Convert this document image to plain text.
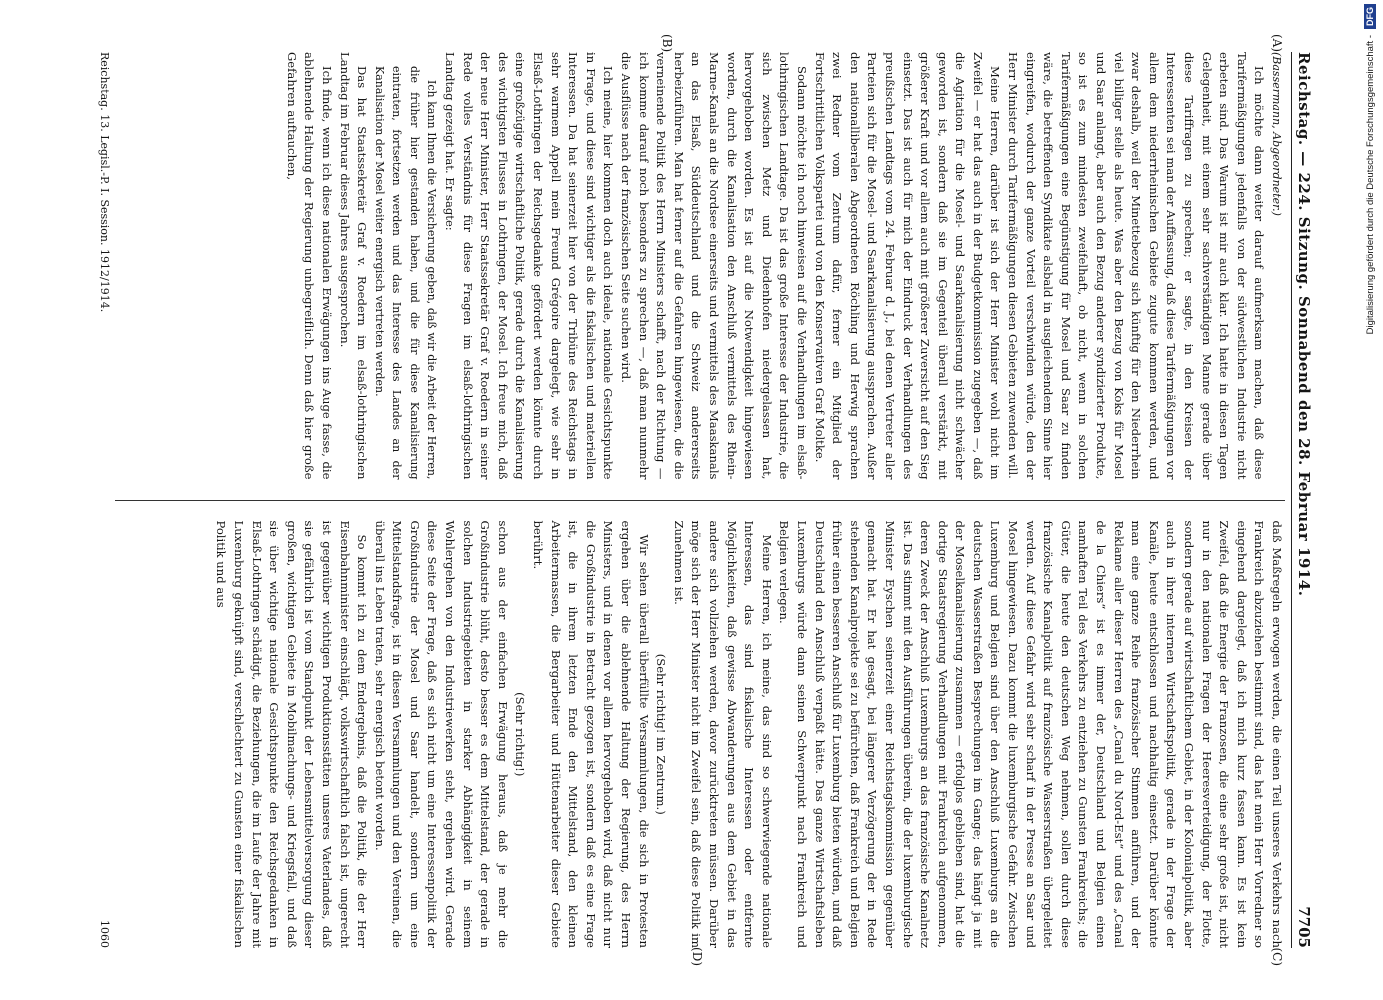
Reichstag. — 224. Sitzung. Sonnabend den 28. Februar 1914.
7705
(A)
(B)

(Bassermann, Abgeordneter.)

Ich möchte dann weiter darauf aufmerksam machen, daß diese Tarifermäßigungen jedenfalls von der südwestlichen Industrie nicht erbeten sind. Das Warum ist mir auch klar. Ich hatte in diesen Tagen Gelegenheit, mit einem sehr sachverständigen Manne gerade über diese Tariffragen zu sprechen; er sagte, in den Kreisen der Interessenten sei man der Auffassung, daß diese Tarifermäßigungen vor allem dem niederrheinischen Gebiete zugute kommen werden, und zwar deshalb, weil der Minettebezug sich künftig für den Niederrhein viel billiger stelle als heute. Was aber den Bezug von Koks für Mosel und Saar anlangt, aber auch den Bezug anderer syndizierter Produkte, so ist es zum mindesten zweifelhaft, ob nicht, wenn in solchen Tarifermäßigungen eine Begünstigung für Mosel und Saar zu finden wäre, die betreffenden Syndikate alsbald in ausgleichendem Sinne hier eingreifen, wodurch der ganze Vorteil verschwinden würde, den der Herr Minister durch Tarifermäßigungen diesen Gebieten zuwenden will.

Meine Herren, darüber ist sich der Herr Minister wohl nicht im Zweifel — er hat das auch in der Budgetkommission zugegeben —, daß die Agitation für die Mosel- und Saarkanalisierung nicht schwächer geworden ist, sondern daß sie im Gegenteil überall verstärkt, mit größerer Kraft und vor allem auch mit größerer Zuversicht auf den Sieg einsetzt. Das ist auch für mich der Eindruck der Verhandlungen des preußischen Landtags vom 24. Februar d. J., bei denen Vertreter aller Parteien sich für die Mosel- und Saarkanalisierung aussprachen. Außer den nationalliberalen Abgeordneten Röchling und Herwig sprachen zwei Redner vom Zentrum dafür, ferner ein Mitglied der Fortschrittlichen Volkspartei und von den Konservativen Graf Moltke.

Sodann möchte ich noch hinweisen auf die Verhandlungen im elsaß-lothringischen Landtage. Da ist das große Interesse der Industrie, die sich zwischen Metz und Diedenhofen niedergelassen hat, hervorgehoben worden. Es ist auf die Notwendigkeit hingewiesen worden, durch die Kanalisation den Anschluß vermittels des Rhein-Marne-Kanals an die Nordsee einerseits und vermittels des Maaskanals an das Elsaß, Süddeutschland und die Schweiz andererseits herbeizuführen. Man hat ferner auf die Gefahren hingewiesen, die die verneinende Politik des Herrn Ministers schafft, nach der Richtung — ich komme darauf noch besonders zu sprechen —, daß man nunmehr die Ausflüsse nach der französischen Seite suchen wird.

Ich meine, hier kommen doch auch ideale, nationale Gesichtspunkte in Frage, und diese sind wichtiger als die fiskalischen und materiellen Interessen. Da hat seinerzeit hier von der Tribüne des Reichstags in sehr warmem Appell mein Freund Grégoire dargelegt, wie sehr in Elsaß-Lothringen der Reichsgedanke gefördert werden könnte durch eine großzügige wirtschaftliche Politik, gerade durch die Kanalisierung des wichtigsten Flusses in Lothringen, der Mosel. Ich freue mich, daß der neue Herr Minister, Herr Staatssekretär Graf v. Roedern in seiner Rede volles Verständnis für diese Fragen im elsaß-lothringischen Landtag gezeigt hat. Er sagte:

Ich kann Ihnen die Versicherung geben, daß wir die Arbeit der Herren, die früher hier gestanden haben, und die für diese Kanalisierung eintraten, fortsetzen werden und das Interesse des Landes an der Kanalisation der Mosel weiter energisch vertreten werden.

Das hat Staatssekretär Graf v. Roedern im elsaß-lothringischen Landtag im Februar dieses Jahres ausgesprochen.

Ich finde, wenn ich diese nationalen Erwägungen ins Auge fasse, die ablehnende Haltung der Regierung unbegreiflich. Denn daß hier große Gefahren auftauchen,

(C)
(D)

daß Maßregeln erwogen werden, die einen Teil unseres Verkehrs nach Frankreich abzuziehen bestimmt sind, das hat mein Herr Vorredner so eingehend dargelegt, daß ich mich kurz fassen kann. Es ist kein Zweifel, daß die Energie der Franzosen, die eine sehr große ist, nicht nur in den nationalen Fragen der Heeresverteidigung, der Flotte, sondern gerade auf wirtschaftlichem Gebiet, in der Kolonialpolitik, aber auch in ihrer internen Wirtschaftspolitik, gerade in der Frage der Kanäle, heute entschlossen und nachhaltig einsetzt. Darüber könnte man eine ganze Reihe französischer Stimmen anführen, und der Reklame aller dieser Herren des „Canal du Nord-Est“ und des „Canal de la Chiers“ ist es immer der, Deutschland und Belgien einen namhaften Teil des Verkehrs zu entziehen zu Gunsten Frankreichs; die Güter, die heute den deutschen Weg nehmen, sollen durch diese französische Kanalpolitik auf französische Wasserstraßen übergeleitet werden. Auf diese Gefahr wird sehr scharf in der Presse an Saar und Mosel hingewiesen. Dazu kommt die luxemburgische Gefahr. Zwischen Luxemburg und Belgien sind über den Anschluß Luxemburgs an die deutschen Wasserstraßen Besprechungen im Gange; das hängt ja mit der Moselkanalisierung zusammen — erfolglos geblieben sind, hat die dortige Staatsregierung Verhandlungen mit Frankreich aufgenommen, deren Zweck der Anschluß Luxemburgs an das französische Kanalnetz ist. Das stimmt mit den Ausführungen überein, die der luxemburgische Minister Eyschen seinerzeit einer Reichstagskommission gegenüber gemacht hat. Er hat gesagt, bei längerer Verzögerung der in Rede stehenden Kanalprojekte sei zu befürchten, daß Frankreich und Belgien früher einen besseren Anschluß für Luxemburg bieten würden, und daß Deutschland den Anschluß verpaßt hätte. Das ganze Wirtschaftsleben Luxemburgs würde dann seinen Schwerpunkt nach Frankreich und Belgien verlegen.

Meine Herren, ich meine, das sind so schwerwiegende nationale Interessen, das sind fiskalische Interessen oder entfernte Möglichkeiten, daß gewisse Abwanderungen aus dem Gebiet in das andere sich vollziehen werden, davor zurücktreten müssen. Darüber möge sich der Herr Minister nicht im Zweifel sein, daß diese Politik im Zunehmen ist.

(Sehr richtig! im Zentrum.)

Wir sehen überall überfüllte Versammlungen, die sich in Protesten ergehen über die ablehnende Haltung der Regierung, des Herrn Ministers, und in denen vor allem hervorgehoben wird, daß nicht nur die Großindustrie in Betracht gezogen ist, sondern daß es eine Frage ist, die in ihrem letzten Ende den Mittelstand, den kleinen Arbeitermassen, die Bergarbeiter und Hüttenarbeiter dieser Gebiete berührt.

(Sehr richtig!)

schon aus der einfachen Erwägung heraus, daß je mehr die Großindustrie blüht, desto besser es dem Mittelstand, der gerade in solchen Industriegebieten in starker Abhängigkeit in seinem Wohlergehen von den Industriewerken steht, ergehen wird. Gerade diese Seite der Frage, daß es sich nicht um eine Interessenpolitik der Großindustrie der Mosel und Saar handelt, sondern um eine Mittelstandsfrage, ist in diesen Versammlungen und den Vereinen, die überall ins Leben traten, sehr energisch betont worden.

So kommt ich zu dem Endergebnis, daß die Politik, die der Herr Eisenbahnminister einschlägt, volkswirtschaftlich falsch ist, ungerecht ist gegenüber wichtigen Produktionsstätten unseres Vaterlandes, daß sie gefährlich ist vom Standpunkt der Lebensmittelversorgung dieser großen, wichtigen Gebiete in Mobilmachungs- und Kriegsfall, und daß sie über wichtige nationale Gesichtspunkte den Reichsgedanken in Elsaß-Lothringen schädigt, die Beziehungen, die im Laufe der Jahre mit Luxemburg geknüpft sind, verschlechtert zu Gunsten einer fiskalischen Politik und aus

Reichstag. 13. Legisl.-P. I. Session. 1912/1914.
1060
Digitalisierung gefördert durch die Deutsche Forschungsgemeinschaft -
DFG
